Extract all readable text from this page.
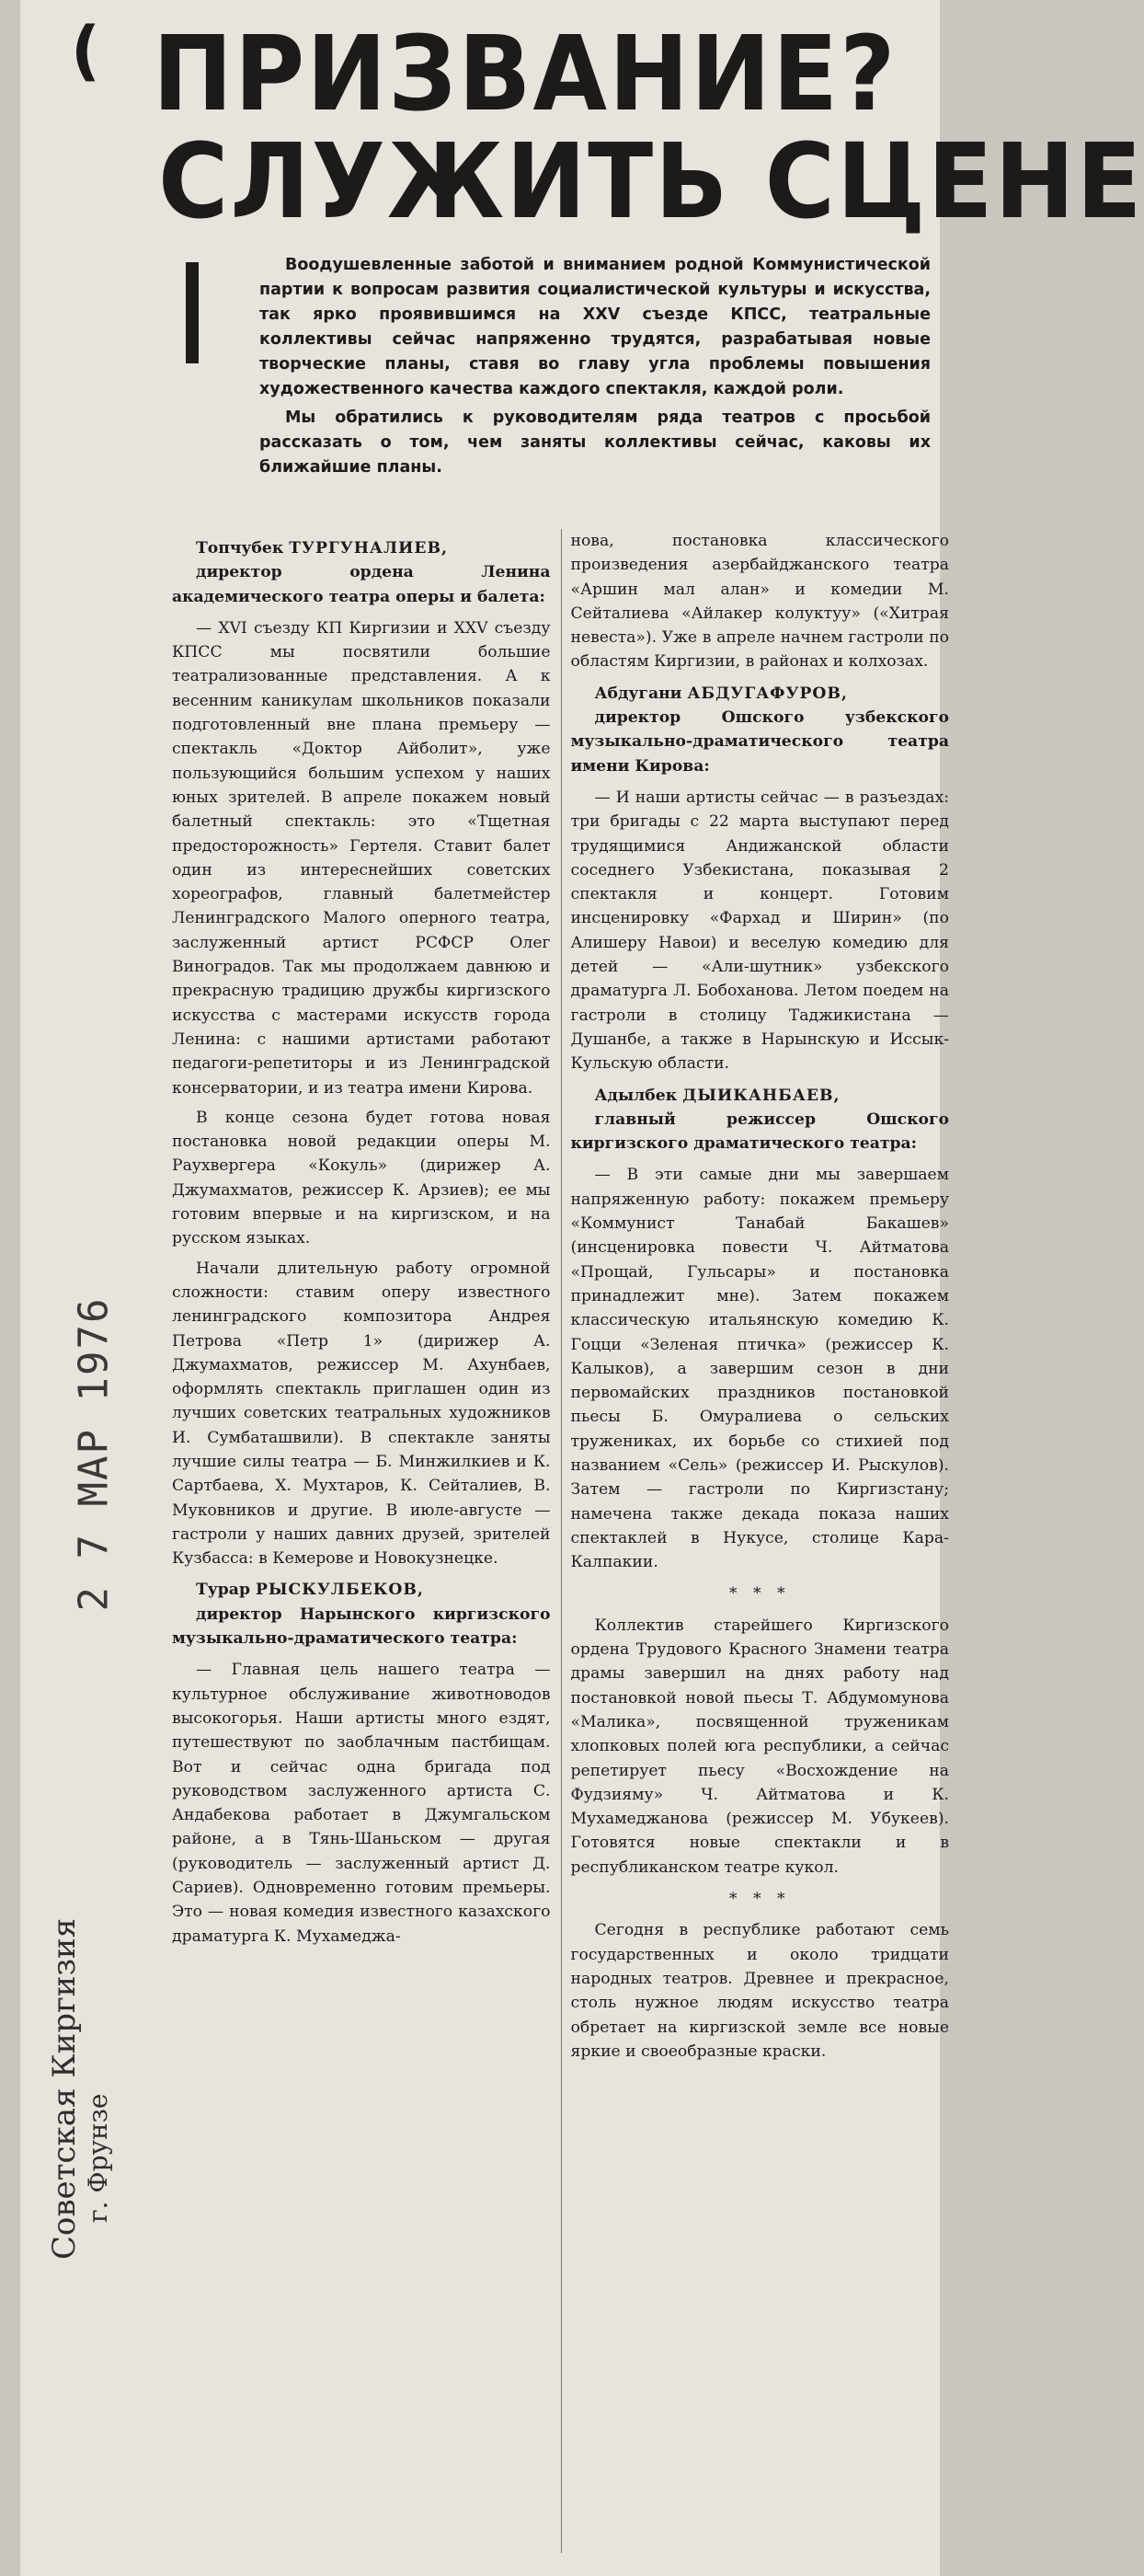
(
2 7 МАР 1976
Советская Киргизия г. Фрунзе
ПРИЗВАНИЕ?
СЛУЖИТЬ СЦЕНЕ

Воодушевленные заботой и вниманием родной Коммунистической партии к вопросам развития социалистической культуры и искусства, так ярко проявившимся на XXV съезде КПСС, театральные коллективы сейчас напряженно трудятся, разрабатывая новые творческие планы, ставя во главу угла проблемы повышения художественного качества каждого спектакля, каждой роли.

Мы обратились к руководителям ряда театров с просьбой рассказать о том, чем заняты коллективы сейчас, каковы их ближайшие планы.

Топчубек ТУРГУНАЛИЕВ,

директор ордена Ленина академического театра оперы и балета:

— XVI съезду КП Киргизии и XXV съезду КПСС мы посвятили большие театрализованные представления. А к весенним каникулам школьников показали подготовленный вне плана премьеру — спектакль «Доктор Айболит», уже пользующийся большим успехом у наших юных зрителей. В апреле покажем новый балетный спектакль: это «Тщетная предосторожность» Гертеля. Ставит балет один из интереснейших советских хореографов, главный балетмейстер Ленинградского Малого оперного театра, заслуженный артист РСФСР Олег Виноградов. Так мы продолжаем давнюю и прекрасную традицию дружбы киргизского искусства с мастерами искусств города Ленина: с нашими артистами работают педагоги-репетиторы и из Ленинградской консерватории, и из театра имени Кирова.

В конце сезона будет готова новая постановка новой редакции оперы М. Раухвергера «Кокуль» (дирижер А. Джумахматов, режиссер К. Арзиев); ее мы готовим впервые и на киргизском, и на русском языках.

Начали длительную работу огромной сложности: ставим оперу известного ленинградского композитора Андрея Петрова «Петр 1» (дирижер А. Джумахматов, режиссер М. Ахунбаев, оформлять спектакль приглашен один из лучших советских театральных художников И. Сумбаташвили). В спектакле заняты лучшие силы театра — Б. Минжилкиев и К. Сартбаева, Х. Мухтаров, К. Сейталиев, В. Муковников и другие. В июле-августе — гастроли у наших давних друзей, зрителей Кузбасса: в Кемерове и Новокузнецке.

Турар РЫСКУЛБЕКОВ,

директор Нарынского киргизского музыкально-драматического театра:

— Главная цель нашего театра — культурное обслуживание животноводов высокогорья. Наши артисты много ездят, путешествуют по заоблачным пастбищам. Вот и сейчас одна бригада под руководством заслуженного артиста С. Андабекова работает в Джумгальском районе, а в Тянь-Шаньском — другая (руководитель — заслуженный артист Д. Сариев). Одновременно готовим премьеры. Это — новая комедия известного казахского драматурга К. Мухамеджа-

нова, постановка классического произведения азербайджанского театра «Аршин мал алан» и комедии М. Сейталиева «Айлакер колуктуу» («Хитрая невеста»). Уже в апреле начнем гастроли по областям Киргизии, в районах и колхозах.

Абдугани АБДУГАФУРОВ,

директор Ошского узбекского музыкально-драматического театра имени Кирова:

— И наши артисты сейчас — в разъездах: три бригады с 22 марта выступают перед трудящимися Андижанской области соседнего Узбекистана, показывая 2 спектакля и концерт. Готовим инсценировку «Фархад и Ширин» (по Алишеру Навои) и веселую комедию для детей — «Али-шутник» узбекского драматурга Л. Бобоханова. Летом поедем на гастроли в столицу Таджикистана — Душанбе, а также в Нарынскую и Иссык-Кульскую области.

Адылбек ДЫИКАНБАЕВ,

главный режиссер Ошского киргизского драматического театра:

— В эти самые дни мы завершаем напряженную работу: покажем премьеру «Коммунист Танабай Бакашев» (инсценировка повести Ч. Айтматова «Прощай, Гульсары» и постановка принадлежит мне). Затем покажем классическую итальянскую комедию К. Гоцци «Зеленая птичка» (режиссер К. Калыков), а завершим сезон в дни первомайских праздников постановкой пьесы Б. Омуралиева о сельских тружениках, их борьбе со стихией под названием «Сель» (режиссер И. Рыскулов). Затем — гастроли по Киргизстану; намечена также декада показа наших спектаклей в Нукусе, столице Кара-Калпакии.

* * *

Коллектив старейшего Киргизского ордена Трудового Красного Знамени театра драмы завершил на днях работу над постановкой новой пьесы Т. Абдумомунова «Малика», посвященной труженикам хлопковых полей юга республики, а сейчас репетирует пьесу «Восхождение на Фудзияму» Ч. Айтматова и К. Мухамеджанова (режиссер М. Убукеев). Готовятся новые спектакли и в республиканском театре кукол.

* * *

Сегодня в республике работают семь государственных и около тридцати народных театров. Древнее и прекрасное, столь нужное людям искусство театра обретает на киргизской земле все новые яркие и своеобразные краски.
